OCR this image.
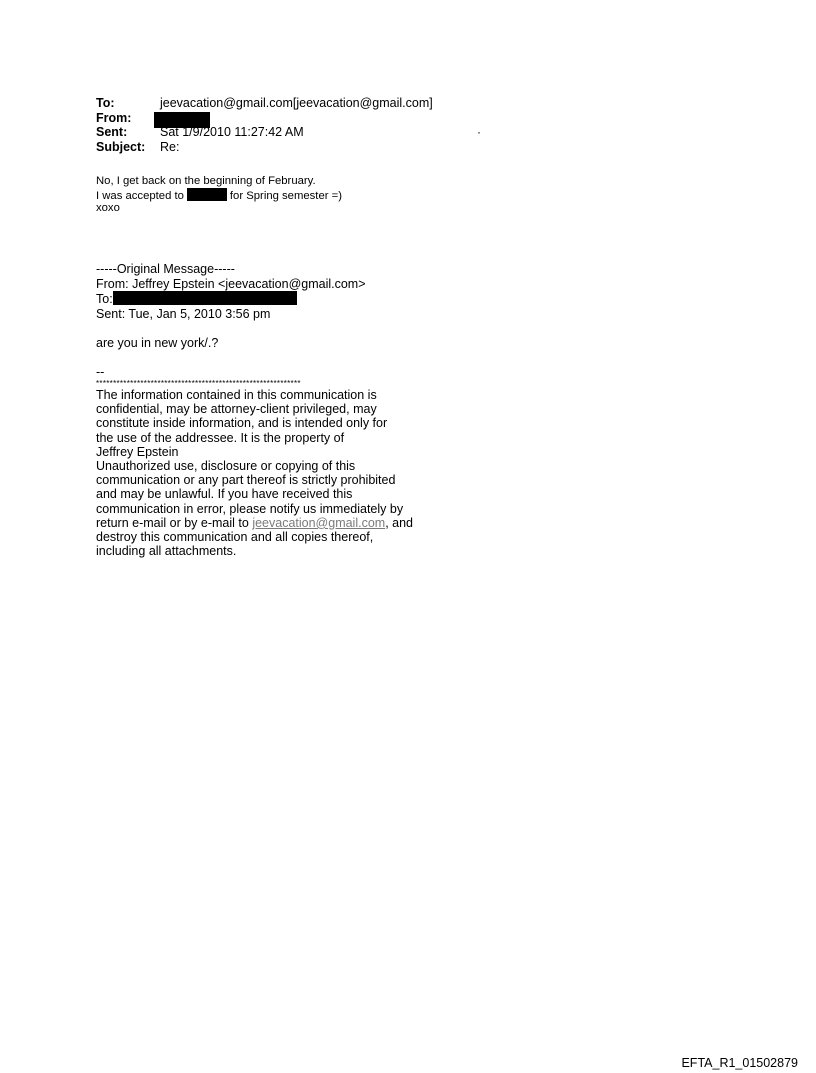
To:	jeevacation@gmail.com[jeevacation@gmail.com]
From:
Sent:	Sat 1/9/2010 11:27:42 AM
Subject:	Re:
·
No, I get back on the beginning of February.
I was accepted to	for Spring semester =)
xoxo
-----Original Message-----
From: Jeffrey Epstein <jeevacation@gmail.com>
To:
Sent: Tue, Jan 5, 2010 3:56 pm
are you in new york/.?
--
************************************************************
The information contained in this communication is
confidential, may be attorney-client privileged, may
constitute inside information, and is intended only for
the use of the addressee. It is the property of
Jeffrey Epstein
Unauthorized use, disclosure or copying of this
communication or any part thereof is strictly prohibited
and may be unlawful. If you have received this
communication in error, please notify us immediately by
return e-mail or by e-mail to jeevacation@gmail.com, and
destroy this communication and all copies thereof,
including all attachments.
EFTA_R1_01502879
